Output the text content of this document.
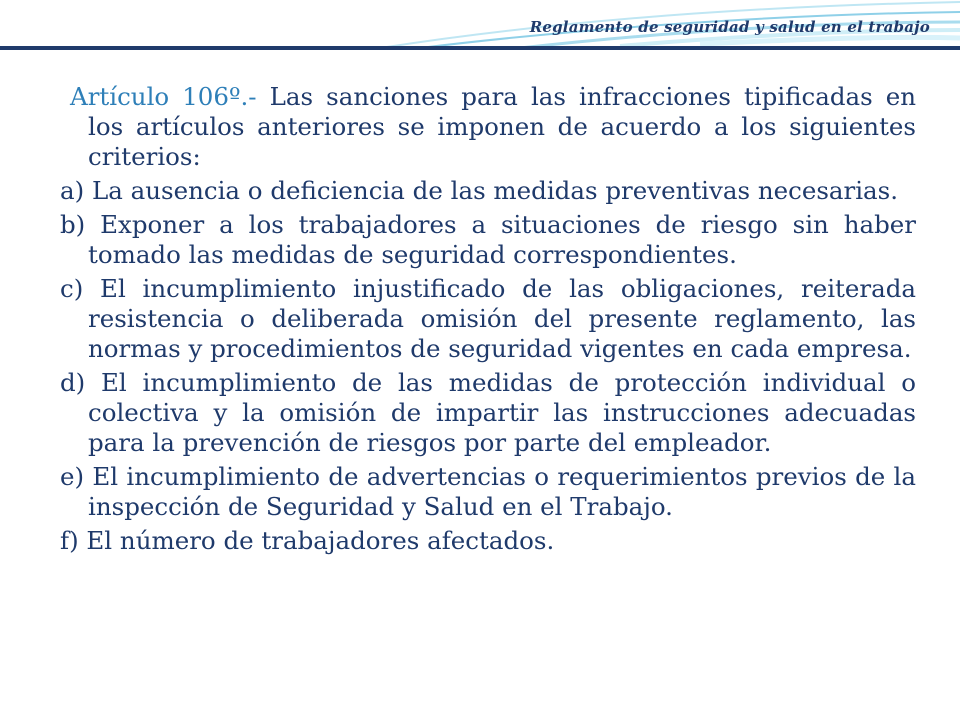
Reglamento de seguridad y salud en el trabajo

Artículo 106º.- Las sanciones para las infracciones tipificadas en los artículos anteriores se imponen de acuerdo a los siguientes criterios:

a) La ausencia o deficiencia de las medidas preventivas necesarias.

b) Exponer a los trabajadores a situaciones de riesgo sin haber tomado las medidas de seguridad correspondientes.

c) El incumplimiento injustificado de las obligaciones, reiterada resistencia o deliberada omisión del presente reglamento, las normas y procedimientos de seguridad vigentes en cada empresa.

d) El incumplimiento de las medidas de protección individual o colectiva y la omisión de impartir las instrucciones adecuadas para la prevención de riesgos por parte del empleador.

e) El incumplimiento de advertencias o requerimientos previos de la inspección de Seguridad y Salud en el Trabajo.

f) El número de trabajadores afectados.
